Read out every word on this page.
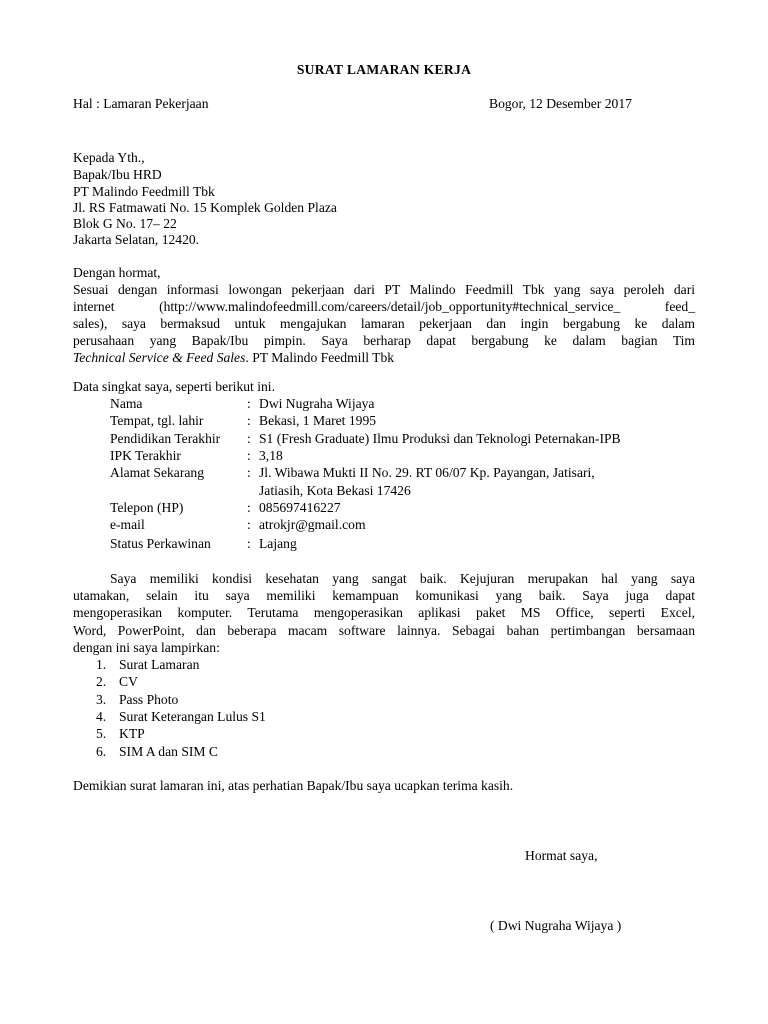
SURAT LAMARAN KERJA
Hal : Lamaran Pekerjaan	Bogor, 12 Desember 2017
Kepada Yth.,
Bapak/Ibu HRD
PT Malindo Feedmill Tbk
Jl. RS Fatmawati No. 15 Komplek Golden Plaza
Blok G No. 17– 22
Jakarta Selatan, 12420.
Dengan hormat,
Sesuai dengan informasi lowongan pekerjaan dari PT Malindo Feedmill Tbk yang saya peroleh dari
internet (http://www.malindofeedmill.com/careers/detail/job_opportunity#technical_service_ feed_
sales), saya bermaksud untuk mengajukan lamaran pekerjaan dan ingin bergabung ke dalam
perusahaan yang Bapak/Ibu pimpin. Saya berharap dapat bergabung ke dalam bagian Tim
Technical Service & Feed Sales. PT Malindo Feedmill Tbk
Data singkat saya, seperti berikut ini.
Nama	: Dwi Nugraha Wijaya
Tempat, tgl. lahir	: Bekasi, 1 Maret 1995
Pendidikan Terakhir : S1 (Fresh Graduate) Ilmu Produksi dan Teknologi Peternakan-IPB
IPK Terakhir	: 3,18
Alamat Sekarang	: Jl. Wibawa Mukti II No. 29. RT 06/07 Kp. Payangan, Jatisari,
Jatiasih, Kota Bekasi 17426
Telepon (HP)	: 085697416227
e-mail	: atrokjr@gmail.com
Status Perkawinan	: Lajang
Saya memiliki kondisi kesehatan yang sangat baik. Kejujuran merupakan hal yang saya
utamakan, selain itu saya memiliki kemampuan komunikasi yang baik. Saya juga dapat
mengoperasikan komputer. Terutama mengoperasikan aplikasi paket MS Office, seperti Excel,
Word, PowerPoint, dan beberapa macam software lainnya. Sebagai bahan pertimbangan bersamaan
dengan ini saya lampirkan:
1. Surat Lamaran
2. CV
3. Pass Photo
4. Surat Keterangan Lulus S1
5. KTP
6. SIM A dan SIM C
Demikian surat lamaran ini, atas perhatian Bapak/Ibu saya ucapkan terima kasih.
Hormat saya,
( Dwi Nugraha Wijaya )
